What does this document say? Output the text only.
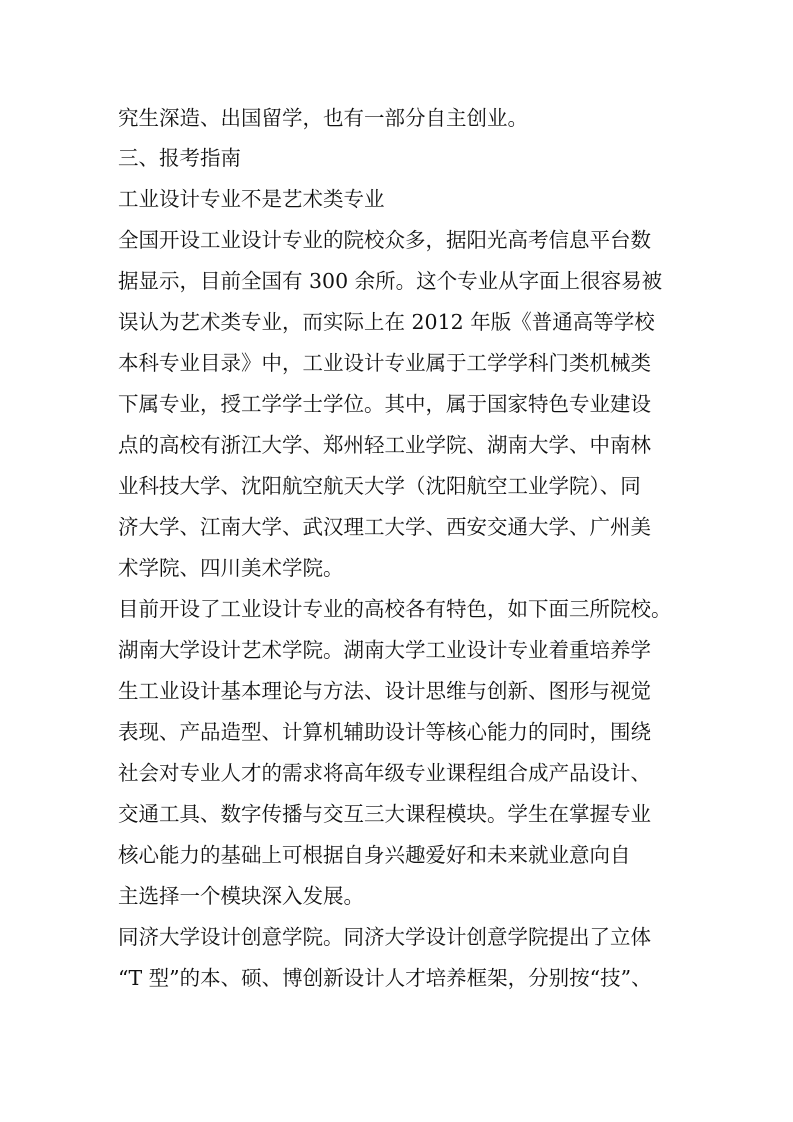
究生深造、出国留学，也有一部分自主创业。
三、报考指南
工业设计专业不是艺术类专业
全国开设工业设计专业的院校众多，据阳光高考信息平台数
据显示，目前全国有 300 余所。这个专业从字面上很容易被
误认为艺术类专业，而实际上在 2012 年版《普通高等学校
本科专业目录》中，工业设计专业属于工学学科门类机械类
下属专业，授工学学士学位。其中，属于国家特色专业建设
点的高校有浙江大学、郑州轻工业学院、湖南大学、中南林
业科技大学、沈阳航空航天大学（沈阳航空工业学院）、同
济大学、江南大学、武汉理工大学、西安交通大学、广州美
术学院、四川美术学院。
目前开设了工业设计专业的高校各有特色，如下面三所院校。
湖南大学设计艺术学院。湖南大学工业设计专业着重培养学
生工业设计基本理论与方法、设计思维与创新、图形与视觉
表现、产品造型、计算机辅助设计等核心能力的同时，围绕
社会对专业人才的需求将高年级专业课程组合成产品设计、
交通工具、数字传播与交互三大课程模块。学生在掌握专业
核心能力的基础上可根据自身兴趣爱好和未来就业意向自
主选择一个模块深入发展。
同济大学设计创意学院。同济大学设计创意学院提出了立体
“T 型”的本、硕、博创新设计人才培养框架，分别按“技”、
